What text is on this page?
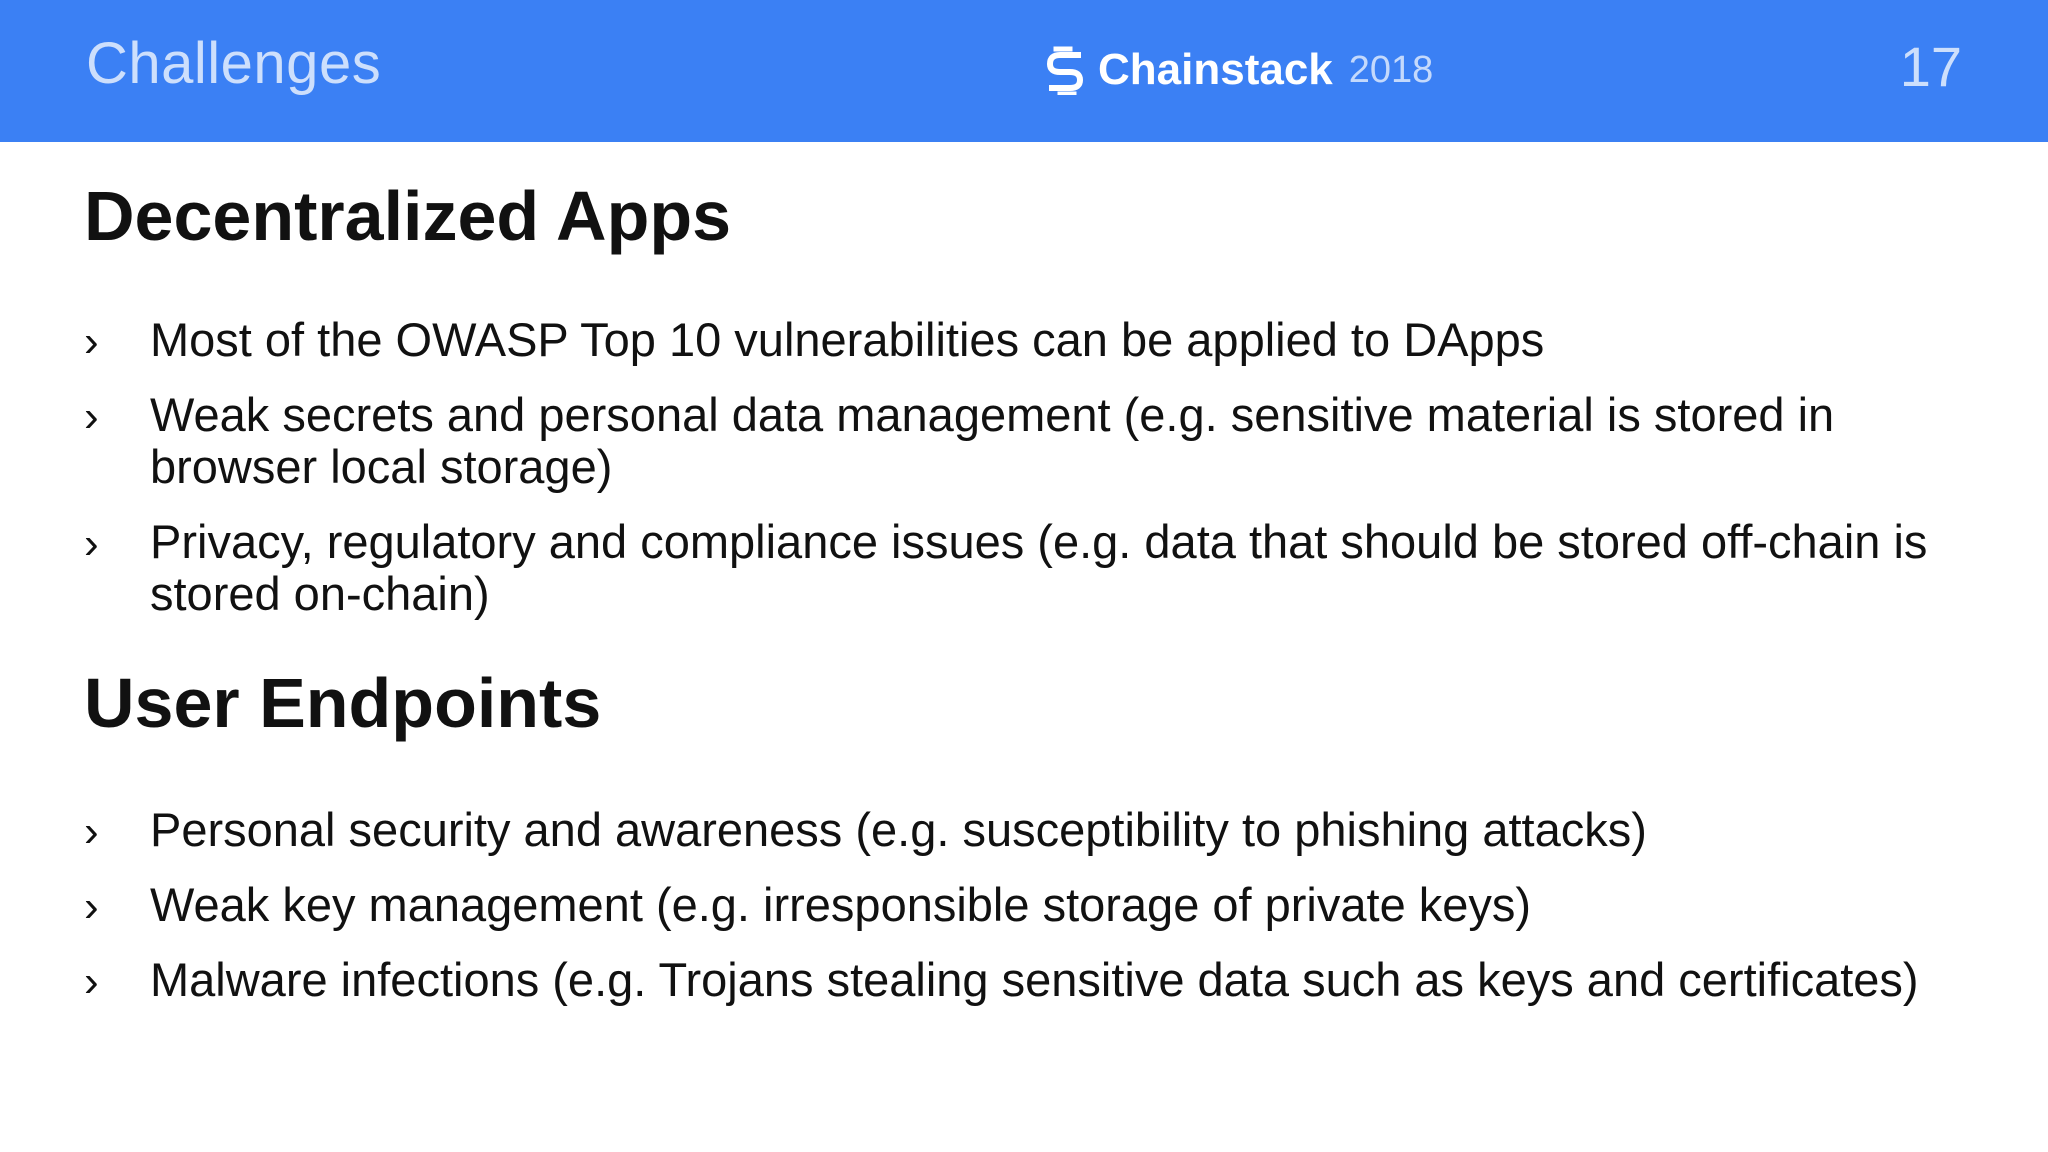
Challenges	Chainstack 2018	17
Decentralized Apps
›	Most of the OWASP Top 10 vulnerabilities can be applied to DApps
›	Weak secrets and personal data management (e.g. sensitive material is stored in browser local storage)
›	Privacy, regulatory and compliance issues (e.g. data that should be stored off-chain is stored on-chain)
User Endpoints
›	Personal security and awareness (e.g. susceptibility to phishing attacks)
›	Weak key management (e.g. irresponsible storage of private keys)
›	Malware infections (e.g. Trojans stealing sensitive data such as keys and certificates)
